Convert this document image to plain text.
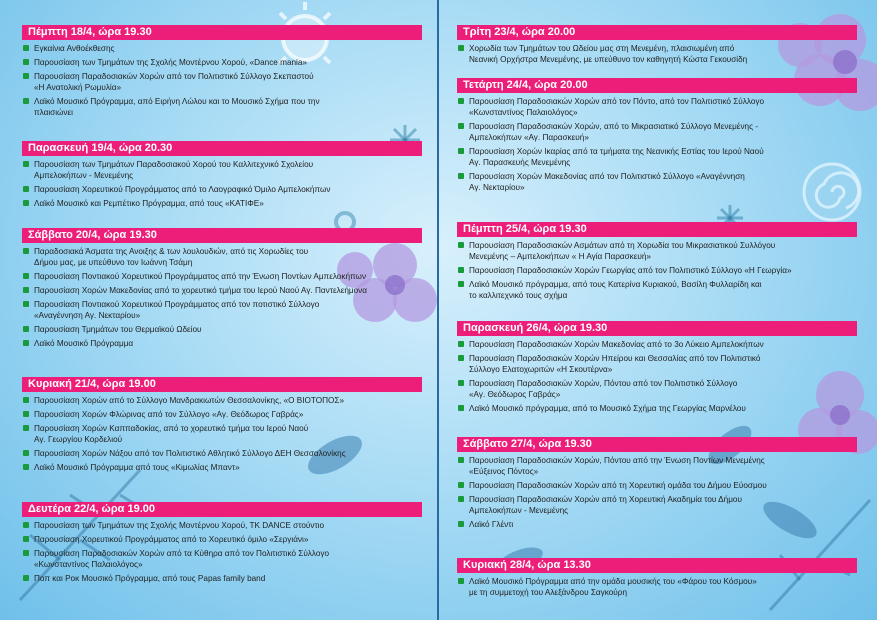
Πέμπτη 18/4, ώρα 19.30
Εγκαίνια Ανθοέκθεσης
Παρουσίαση των Τμημάτων της Σχολής Μοντέρνου Χορού, «Dance mania»
Παρουσίαση Παραδοσιακών Χορών από τον Πολιτιστικό Σύλλογο Σκεπαστού
«Η Ανατολική Ρωμυλία»
Λαϊκό Μουσικό Πρόγραμμα, από Ειρήνη Λώλου και το Μουσικό Σχήμα που την
πλαισιώνει
Παρασκευή 19/4, ώρα 20.30
Παρουσίαση των Τμημάτων Παραδοσιακού Χορού του Καλλιτεχνικό Σχολείου
Αμπελοκήπων - Μενεμένης
Παρουσίαση Χορευτικού Προγράμματος από το Λαογραφικό Όμιλο Αμπελοκήπων
Λαϊκό Μουσικό και Ρεμπέτικο Πρόγραμμα, από τους «ΚΑΤΙΦΕ»
Σάββατο 20/4, ώρα 19.30
Παραδοσιακά Άσματα της Ανοιξης & των λουλουδιών, από τις Χορωδίες του
Δήμου μας, με υπεύθυνο τον Ιωάννη Τσάμη
Παρουσίαση Ποντιακού Χορευτικού Προγράμματος από την Ένωση Ποντίων Αμπελοκήπων
Παρουσίαση Χορών Μακεδονίας από το χορευτικό τμήμα του Ιερού Ναού Αγ. Παντελεήμονα
Παρουσίαση Ποντιακού Χορευτικού Προγράμματος από τον ποτιστικό Σύλλογο
«Αναγέννηση Αγ. Νεκταρίου»
Παρουσίαση Τμημάτων του Θερμαϊκού Ωδείου
Λαϊκό Μουσικό Πρόγραμμα
Κυριακή 21/4, ώρα 19.00
Παρουσίαση Χορών από το Σύλλογο Μανδρακιωτών Θεσσαλονίκης, «Ο ΒΙΟΤΟΠΟΣ»
Παρουσίαση Χορών Φλώρινας από τον Σύλλογο «Αγ. Θεόδωρος Γαβράς»
Παρουσίαση Χορών Καππαδοκίας, από το χορευτικό τμήμα του Ιερού Ναού
Αγ. Γεωργίου Κορδελιού
Παρουσίαση Χορών Νάξου από τον Πολιτιστικό Αθλητικό Σύλλογο ΔΕΗ Θεσσαλονίκης
Λαϊκό Μουσικό Πρόγραμμα από τους «Κιμωλίας Μπαντ»
Δευτέρα 22/4, ώρα 19.00
Παρουσίαση των Τμημάτων της Σχολής Μοντέρνου Χορού, ΤΚ DANCE στούντιο
Παρουσίαση Χορευτικού Προγράμματος από το Χορευτικό όμιλο «Σεργιάνι»
Παρουσίαση Παραδοσιακών Χορών από τα Κύθηρα από τον Πολιτιστικό Σύλλογο
«Κωνσταντίνος Παλαιολόγος»
Ποπ και Ροκ Μουσικό Πρόγραμμα, από τους Papas family band
Τρίτη 23/4, ώρα 20.00
Χορωδία των Τμημάτων του Ωδείου μας στη Μενεμένη, πλαισιωμένη από
Νεανική Ορχήστρα Μενεμένης, με υπεύθυνο τον καθηγητή Κώστα Γεκουσίδη
Τετάρτη 24/4, ώρα 20.00
Παρουσίαση Παραδοσιακών Χορών από τον Πόντο, από τον Πολιτιστικό Σύλλογο
«Κωνσταντίνος Παλαιολόγος»
Παρουσίαση Παραδοσιακών Χορών, από το Μικρασιατικό Σύλλογο Μενεμένης -
Αμπελοκήπων «Αγ. Παρασκευή»
Παρουσίαση Χορών Ικαρίας από τα τμήματα της Νεανικής Εστίας του Ιερού Ναού
Αγ. Παρασκευής Μενεμένης
Παρουσίαση Χορών Μακεδονίας από τον Πολιτιστικό Σύλλογο «Αναγέννηση
Αγ. Νεκταρίου»
Πέμπτη 25/4, ώρα 19.30
Παρουσίαση Παραδοσιακών Ασμάτων από τη Χορωδία του Μικρασιατικού Συλλόγου
Μενεμένης – Αμπελοκήπων « Η Αγία Παρασκευή»
Παρουσίαση Παραδοσιακών Χορών Γεωργίας από τον Πολιτιστικό Σύλλογο «Η Γεωργία»
Λαϊκό Μουσικό πρόγραμμα, από τους Κατερίνα Κυριακού, Βασίλη Φυλλαρίδη και
το καλλιτεχνικό τους σχήμα
Παρασκευή 26/4, ώρα 19.30
Παρουσίαση Παραδοσιακών Χορών Μακεδονίας από το 3ο Λύκειο Αμπελοκήπων
Παρουσίαση Παραδοσιακών Χορών Ηπείρου και Θεσσαλίας από τον Πολιτιστικό
Σύλλογο Ελατοχωριτών «Η Σκουτέρνα»
Παρουσίαση Παραδοσιακών Χορών, Πόντου από τον Πολιτιστικό Σύλλογο
«Αγ. Θεόδωρος Γαβράς»
Λαϊκό Μουσικό πρόγραμμα, από το Μουσικό Σχήμα της Γεωργίας Μαρνέλου
Σάββατο 27/4, ώρα 19.30
Παρουσίαση Παραδοσιακών Χορών, Πόντου από την Ένωση Ποντίων Μενεμένης
«Εύξεινος Πόντος»
Παρουσίαση Παραδοσιακών Χορών από τη Χορευτική ομάδα του Δήμου Εύοσμου
Παρουσίαση Παραδοσιακών Χορών από τη Χορευτική Ακαδημία του Δήμου
Αμπελοκήπων - Μενεμένης
Λαϊκό Γλέντι
Κυριακή 28/4, ώρα 13.30
Λαϊκό Μουσικό Πρόγραμμα από την ομάδα μουσικής του «Φάρου του Κόσμου»
με τη συμμετοχή του Αλεξάνδρου Σαγκούρη
